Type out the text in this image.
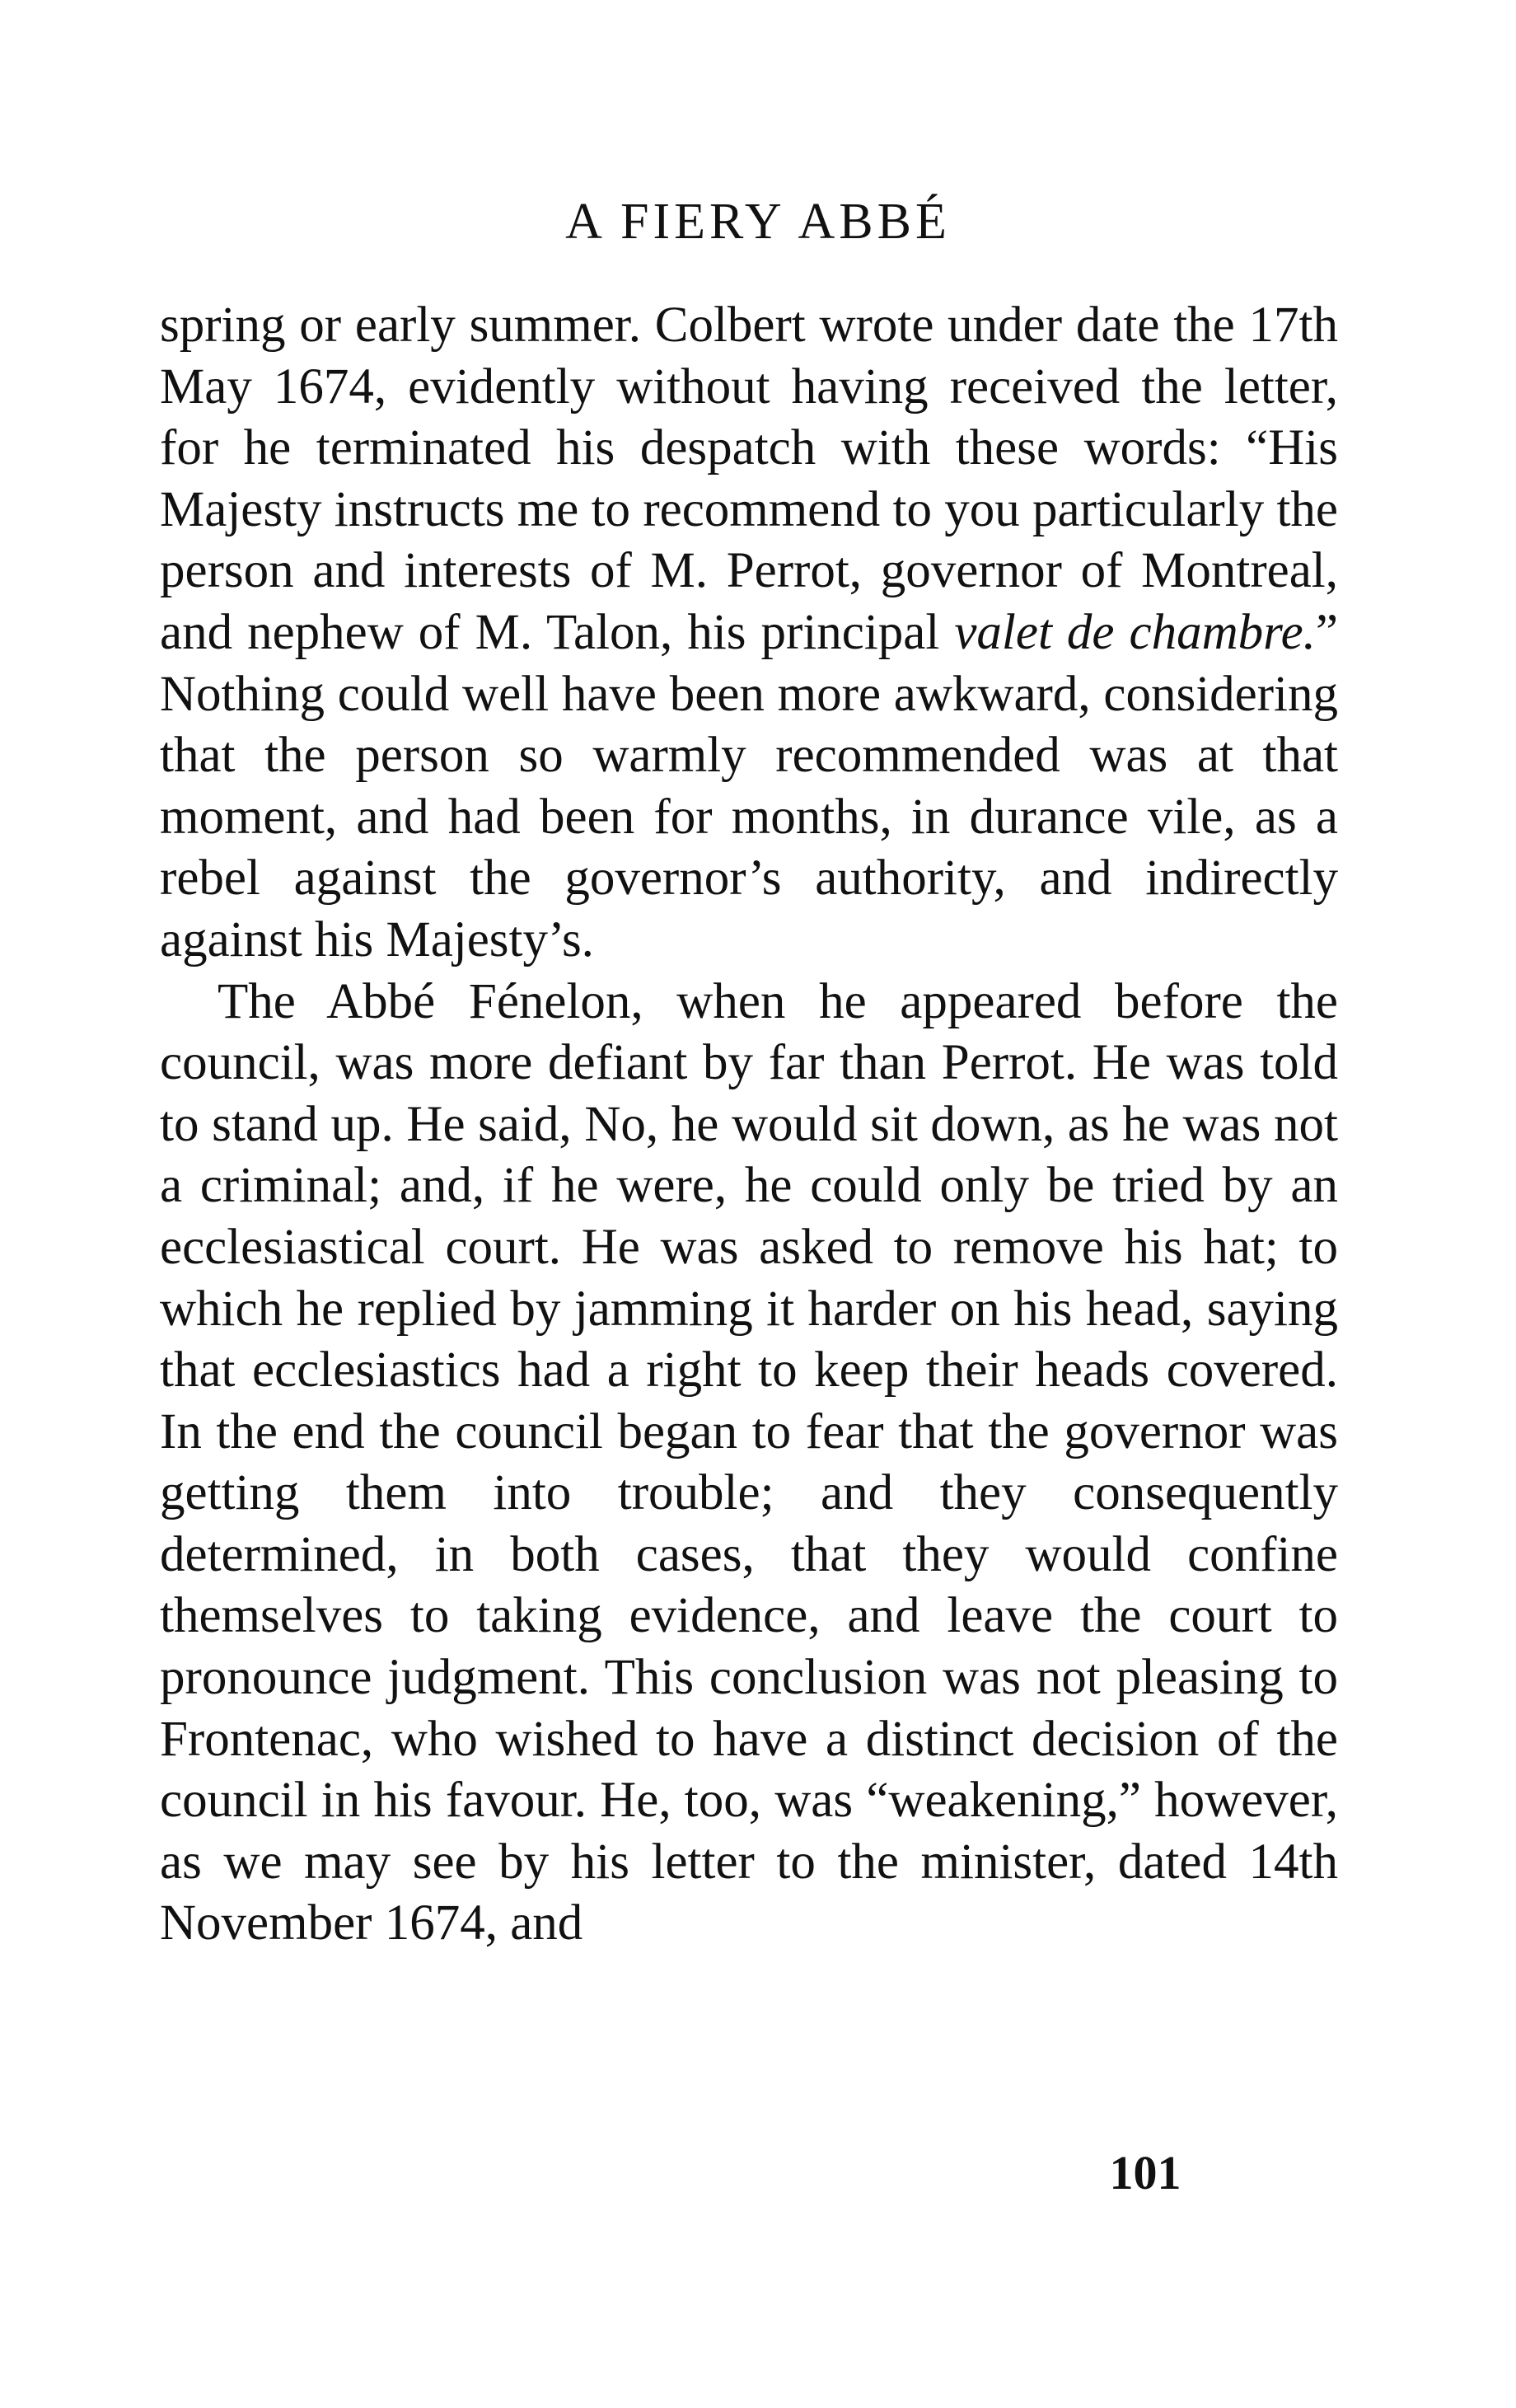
A FIERY ABBÉ

spring or early summer. Colbert wrote under date the 17th May 1674, evidently without having received the letter, for he terminated his despatch with these words: “His Majesty instructs me to recommend to you particularly the person and interests of M. Perrot, governor of Montreal, and nephew of M. Talon, his principal valet de chambre.” Nothing could well have been more awkward, considering that the person so warmly recommended was at that moment, and had been for months, in durance vile, as a rebel against the governor’s authority, and indirectly against his Majesty’s.

The Abbé Fénelon, when he appeared before the council, was more defiant by far than Perrot. He was told to stand up. He said, No, he would sit down, as he was not a criminal; and, if he were, he could only be tried by an ecclesiastical court. He was asked to remove his hat; to which he replied by jamming it harder on his head, saying that ecclesiastics had a right to keep their heads covered. In the end the council began to fear that the governor was getting them into trouble; and they consequently determined, in both cases, that they would confine themselves to taking evidence, and leave the court to pronounce judgment. This conclusion was not pleasing to Frontenac, who wished to have a distinct decision of the council in his favour. He, too, was “weakening,” however, as we may see by his letter to the minister, dated 14th November 1674, and

101
